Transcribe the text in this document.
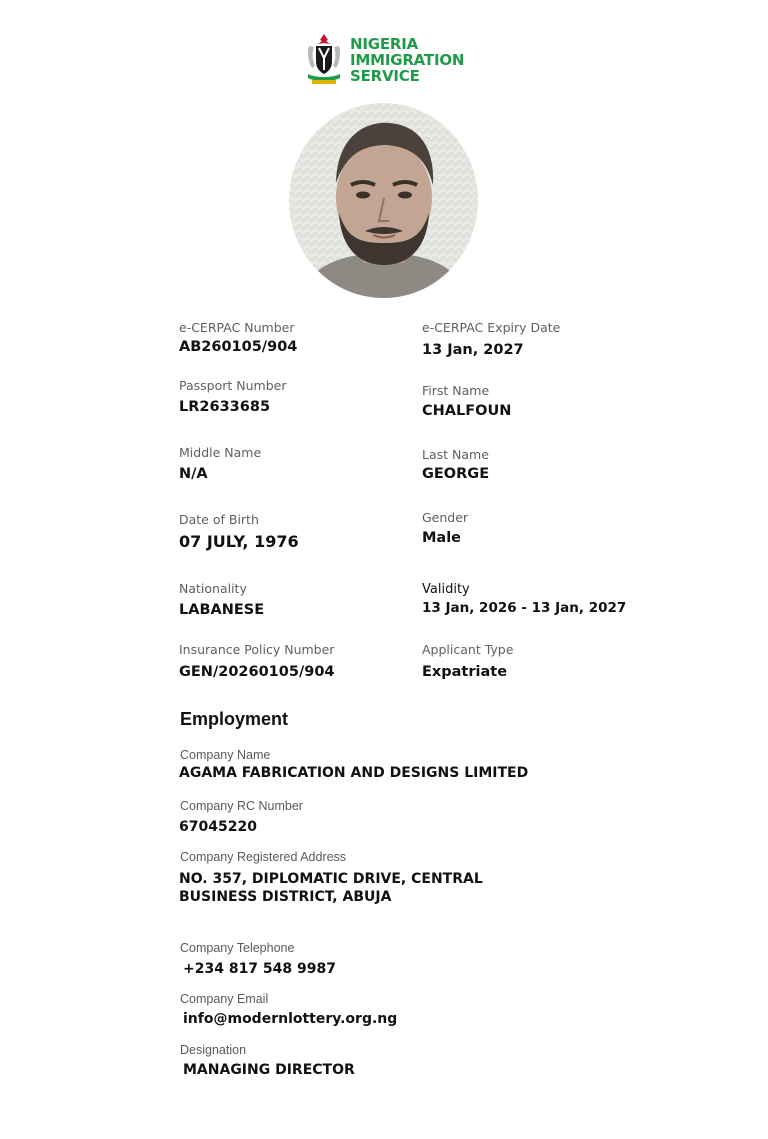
NIGERIA
IMMIGRATION
SERVICE
e-CERPAC Number
AB260105/904
Passport Number
LR2633685
Middle Name
N/A
Date of Birth
07 JULY, 1976
Nationality
LABANESE
Insurance Policy Number
GEN/20260105/904
e-CERPAC Expiry Date
13 Jan, 2027
First Name
CHALFOUN
Last Name
GEORGE
Gender
Male
Validity
13 Jan, 2026 - 13 Jan, 2027
Applicant Type
Expatriate
Employment
Company Name
AGAMA FABRICATION AND DESIGNS LIMITED
Company RC Number
67045220
Company Registered Address
NO. 357, DIPLOMATIC DRIVE, CENTRAL
BUSINESS DISTRICT, ABUJA
Company Telephone
+234 817 548 9987
Company Email
info@modernlottery.org.ng
Designation
MANAGING DIRECTOR
